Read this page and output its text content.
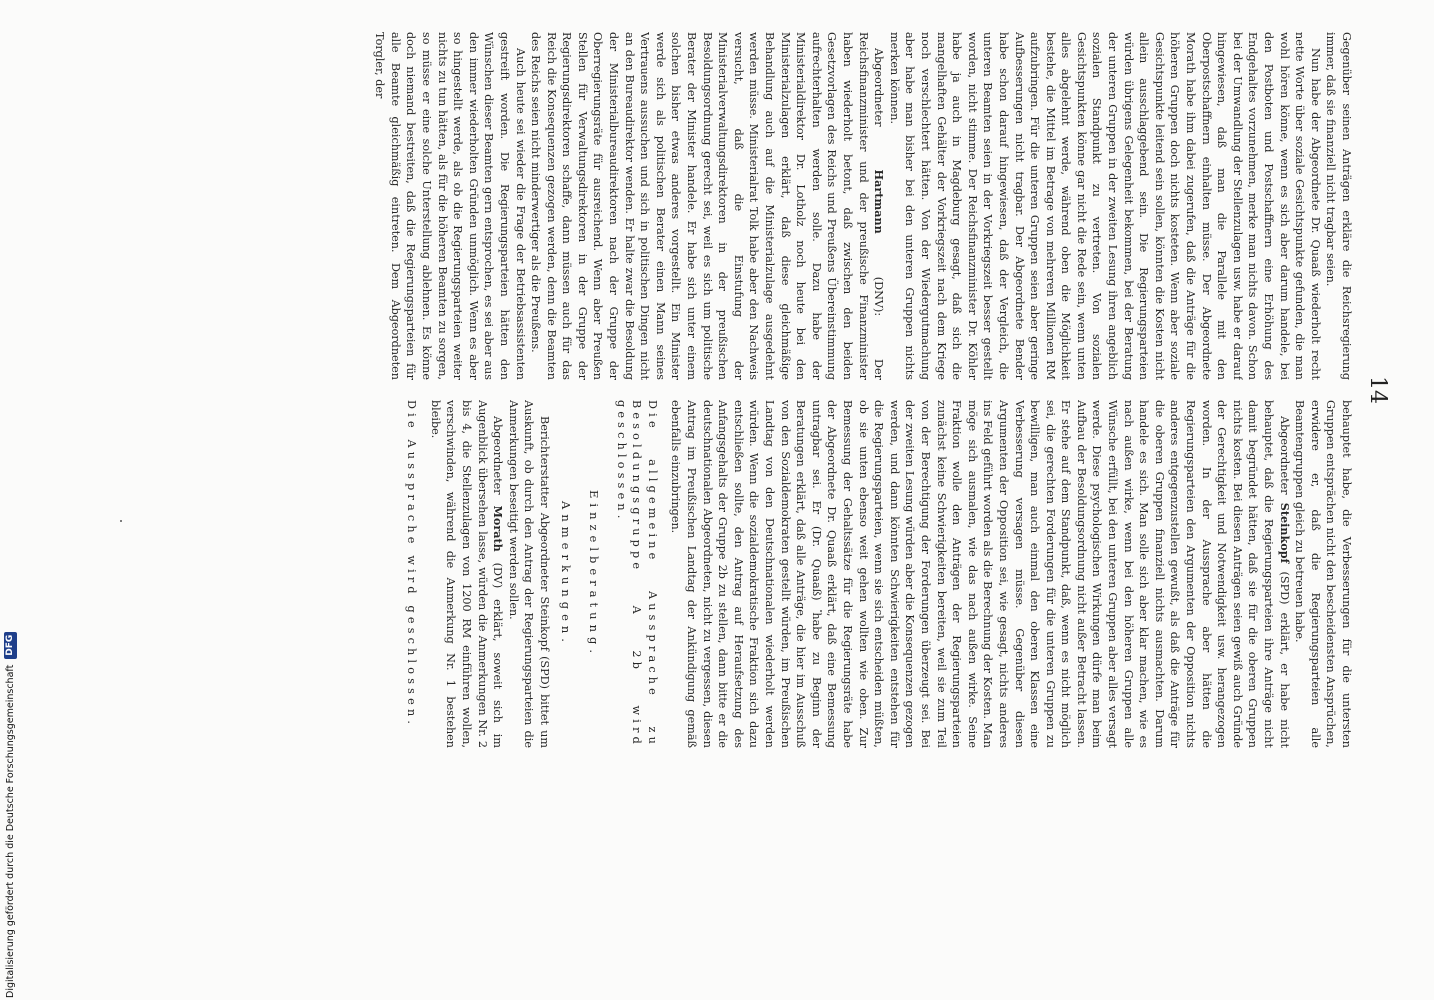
14

Gegenüber seinen Anträgen erkläre die Reichsregierung immer, daß sie finanziell nicht tragbar seien.

Nun habe der Abgeordnete Dr. Quaaß wiederholt recht nette Worte über soziale Gesichtspunkte gefunden, die man wohl hören könne, wenn es sich aber darum handele, bei den Postboten und Postschaffnern eine Erhöhung des Endgehaltes vorzunehmen, merke man nichts davon. Schon bei der Umwandlung der Stellenzulagen usw. habe er darauf hingewiesen, daß man die Parallele mit den Oberpostschaffnern einhalten müsse. Der Abgeordnete Morath habe ihm dabei zugerufen, daß die Anträge für die höheren Gruppen doch nichts kosteten. Wenn aber soziale Gesichtspunkte leitend sein sollen, könnten die Kosten nicht allein ausschlaggebend sein. Die Regierungsparteien würden übrigens Gelegenheit bekommen, bei der Beratung der unteren Gruppen in der zweiten Lesung ihren angeblich sozialen Standpunkt zu vertreten. Von sozialen Gesichtspunkten könne gar nicht die Rede sein, wenn unten alles abgelehnt werde, während oben die Möglichkeit bestehe, die Mittel im Betrage von mehreren Millionen RM aufzubringen. Für die unteren Gruppen seien aber geringe Aufbesserungen nicht tragbar. Der Abgeordnete Bender habe schon darauf hingewiesen, daß der Vergleich, die unteren Beamten seien in der Vorkriegszeit besser gestellt worden, nicht stimme. Der Reichsfinanzminister Dr. Köhler habe ja auch in Magdeburg gesagt, daß sich die mangelhaften Gehälter der Vorkriegszeit nach dem Kriege noch verschlechtert hätten. Von der Wiedergutmachung aber habe man bisher bei den unteren Gruppen nichts merken können.

Abgeordneter Hartmann (DNV): Der Reichsfinanzminister und der preußische Finanzminister haben wiederholt betont, daß zwischen den beiden Gesetzvorlagen des Reichs und Preußens Übereinstimmung aufrechterhalten werden solle. Dazu habe der Ministerialdirektor Dr. Lotholz noch heute bei den Ministerialzulagen erklärt, daß diese gleichmäßige Behandlung auch auf die Ministerialzulage ausgedehnt werden müsse. Ministerialrat Tolk habe aber den Nachweis versucht, daß die Einstufung der Ministerialverwaltungsdirektoren in der preußischen Besoldungsordnung gerecht sei, weil es sich um politische Berater der Minister handele. Er habe sich unter einem solchen bisher etwas anderes vorgestellt. Ein Minister werde sich als politischen Berater einen Mann seines Vertrauens aussuchen und sich in politischen Dingen nicht an den Bureaudirektor wenden. Er halte zwar die Besoldung der Ministerialbureaudirektoren nach der Gruppe der Oberregierungsräte für ausreichend. Wenn aber Preußen Stellen für Verwaltungsdirektoren in der Gruppe der Regierungsdirektoren schaffe, dann müssen auch für das Reich die Konsequenzen gezogen werden, denn die Beamten des Reichs seien nicht minderwertiger als die Preußens.

Auch heute sei wieder die Frage der Betriebsassistenten gestreift worden. Die Regierungsparteien hätten den Wünschen dieser Beamten gern entsprochen, es sei aber aus den immer wiederholten Gründen unmöglich. Wenn es aber so hingestellt werde, als ob die Regierungsparteien weiter nichts zu tun hätten, als für die höheren Beamten zu sorgen, so müsse er eine solche Unterstellung ablehnen. Es könne doch niemand bestreiten, daß die Regierungsparteien für alle Beamte gleichmäßig eintreten. Dem Abgeordneten Torgler, der

behauptet habe, die Verbesserungen für die untersten Gruppen entsprächen nicht den bescheidensten Ansprüchen, erwidere er, daß die Regierungsparteien alle Beamtengruppen gleich zu betreuen habe.

Abgeordneter Steinkopf (SPD) erklärt, er habe nicht behauptet, daß die Regierungsparteien ihre Anträge nicht damit begründet hätten, daß sie für die oberen Gruppen nichts kosten. Bei diesen Anträgen seien gewiß auch Gründe der Gerechtigkeit und Notwendigkeit usw. herangezogen worden. In der Aussprache aber hätten die Regierungsparteien den Argumenten der Opposition nichts anderes entgegenzustellen gewußt, als daß die Anträge für die oberen Gruppen finanziell nichts ausmachten. Darum handele es sich. Man solle sich aber klar machen, wie es nach außen wirke, wenn bei den höheren Gruppen alle Wünsche erfüllt, bei den unteren Gruppen aber alles versagt werde. Diese psychologischen Wirkungen dürfe man beim Aufbau der Besoldungsordnung nicht außer Betracht lassen. Er stehe auf dem Standpunkt, daß, wenn es nicht möglich sei, die gerechten Forderungen für die unteren Gruppen zu bewilligen, man auch einmal den oberen Klassen eine Verbesserung versagen müsse. Gegenüber diesen Argumenten der Opposition sei, wie gesagt, nichts anderes ins Feld geführt worden als die Berechnung der Kosten. Man möge sich ausmalen, wie das nach außen wirke. Seine Fraktion wolle den Anträgen der Regierungsparteien zunächst keine Schwierigkeiten bereiten, weil sie zum Teil von der Berechtigung der Forderungen überzeugt sei. Bei der zweiten Lesung würden aber die Konsequenzen gezogen werden, und dann könnten Schwierigkeiten entstehen für die Regierungsparteien, wenn sie sich entscheiden müßten, ob sie unten ebenso weit gehen wollten wie oben. Zur Bemessung der Gehaltssätze für die Regierungsräte habe der Abgeordnete Dr. Quaaß erklärt, daß eine Bemessung untragbar sei. Er (Dr. Quaaß) habe zu Beginn der Beratungen erklärt, daß alle Anträge, die hier im Ausschuß von den Sozialdemokraten gestellt würden, im Preußischen Landtag von den Deutschnationalen wiederholt werden würden. Wenn die sozialdemokratische Fraktion sich dazu entschließen sollte, den Antrag auf Heraufsetzung des Anfangsgehalts der Gruppe 2b zu stellen, dann bitte er die deutschnationalen Abgeordneten, nicht zu vergessen, diesen Antrag im Preußischen Landtag der Ankündigung gemäß ebenfalls einzubringen.

Die allgemeine Aussprache zu Besoldungsgruppe A 2b wird geschlossen.

Einzelberatung.

Anmerkungen.

Berichterstatter Abgeordneter Steinkopf (SPD) bittet um Auskunft, ob durch den Antrag der Regierungsparteien die Anmerkungen beseitigt werden sollen.

Abgeordneter Morath (DV) erklärt, soweit sich im Augenblick übersehen lasse, würden die Anmerkungen Nr. 2 bis 4, die Stellenzulagen von 1200 RM einführen wollen, verschwinden, während die Anmerkung Nr. 1 bestehen bleibe.

Die Aussprache wird geschlossen.

Digitalisierung gefördert durch die Deutsche Forschungsgemeinschaft
DFG
